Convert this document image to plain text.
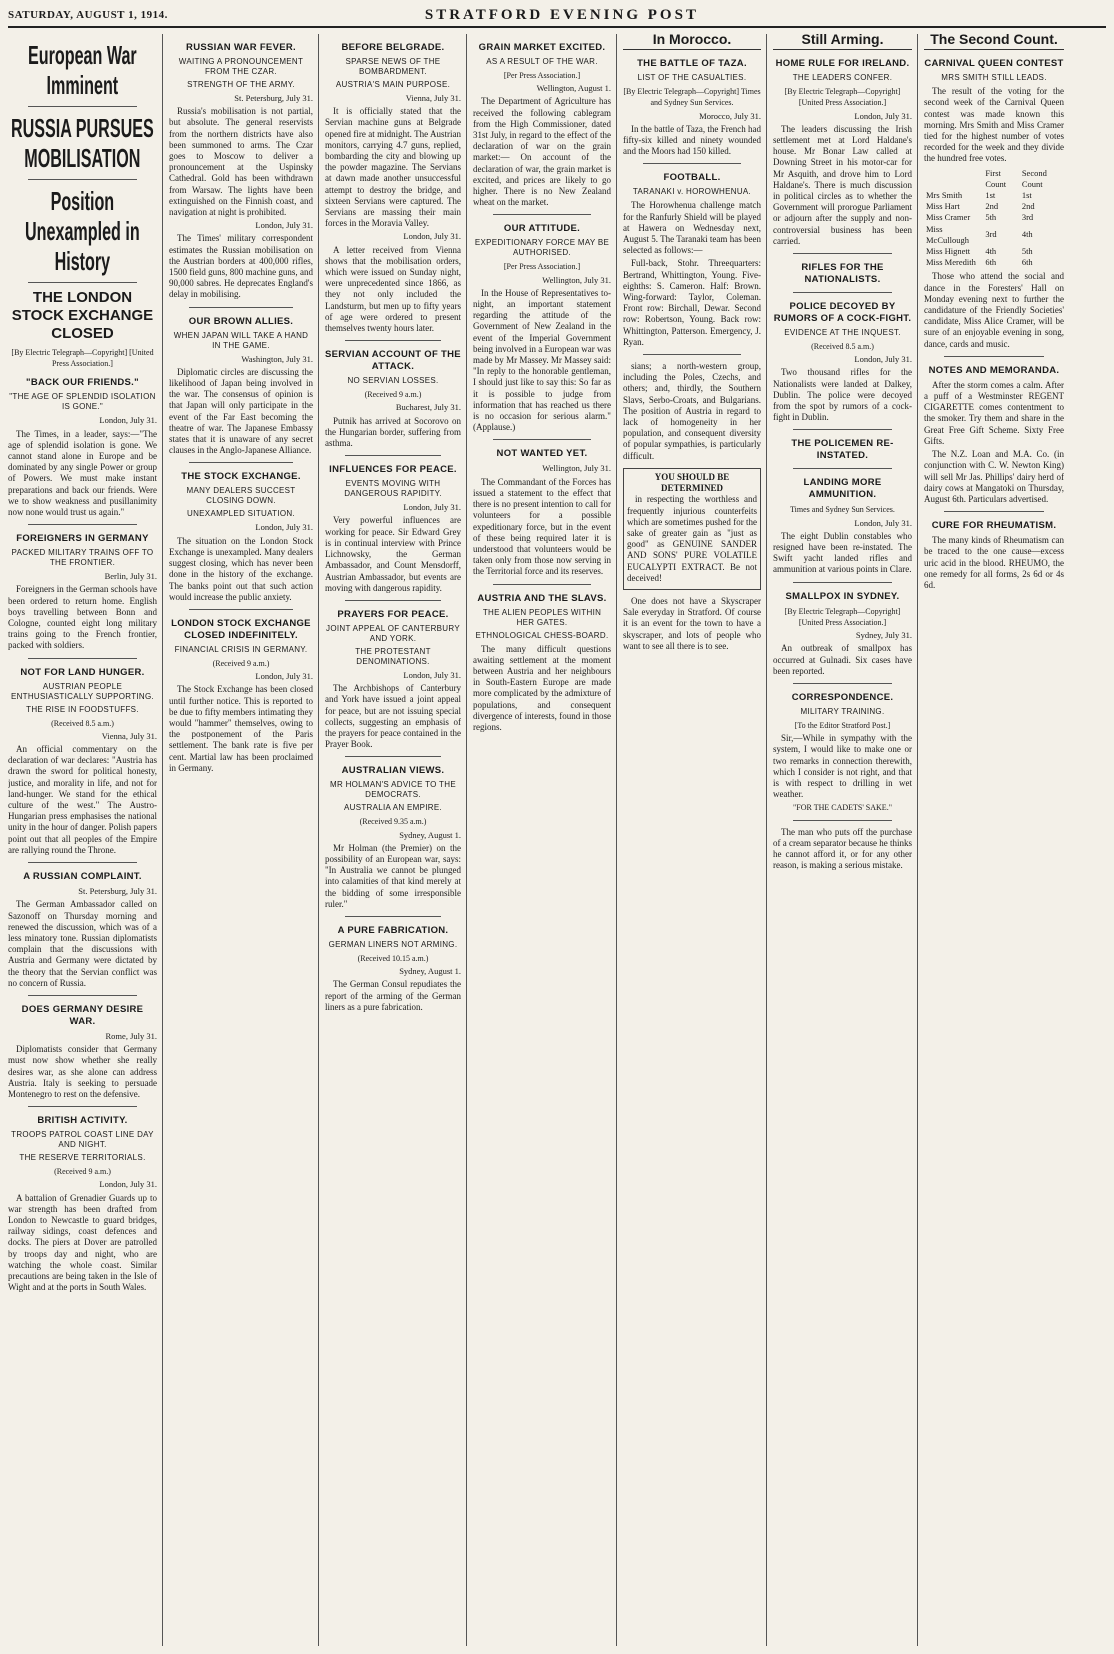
SATURDAY, AUGUST 1, 1914.	STRATFORD EVENING POST
European War Imminent
RUSSIA PURSUES MOBILISATION
Position Unexampled in History
THE LONDON STOCK EXCHANGE CLOSED
[By Electric Telegraph—Copyright] [United Press Association.]
"BACK OUR FRIENDS."
"THE AGE OF SPLENDID ISOLATION IS GONE."
London, July 31.

The Times, in a leader, says:—"The age of splendid isolation is gone. We cannot stand alone in Europe and be dominated by any single Power or group of Powers. We must make instant preparations and back our friends. Were we to show weakness and pusillanimity now none would trust us again."

FOREIGNERS IN GERMANY
PACKED MILITARY TRAINS OFF TO THE FRONTIER.
Berlin, July 31.

Foreigners in the German schools have been ordered to return home. English boys travelling between Bonn and Cologne, counted eight long military trains going to the French frontier, packed with soldiers.

NOT FOR LAND HUNGER.
AUSTRIAN PEOPLE ENTHUSIASTICALLY SUPPORTING.
THE RISE IN FOODSTUFFS.
(Received 8.5 a.m.)
Vienna, July 31.

An official commentary on the declaration of war declares: "Austria has drawn the sword for political honesty, justice, and morality in life, and not for land-hunger. We stand for the ethical culture of the west." The Austro-Hungarian press emphasises the national unity in the hour of danger. Polish papers point out that all peoples of the Empire are rallying round the Throne.

A RUSSIAN COMPLAINT.
St. Petersburg, July 31.

The German Ambassador called on Sazonoff on Thursday morning and renewed the discussion, which was of a less minatory tone. Russian diplomatists complain that the discussions with Austria and Germany were dictated by the theory that the Servian conflict was no concern of Russia.

DOES GERMANY DESIRE WAR.
Rome, July 31.

Diplomatists consider that Germany must now show whether she really desires war, as she alone can address Austria. Italy is seeking to persuade Montenegro to rest on the defensive.

BRITISH ACTIVITY.
TROOPS PATROL COAST LINE DAY AND NIGHT.
THE RESERVE TERRITORIALS.
(Received 9 a.m.)
London, July 31.

A battalion of Grenadier Guards up to war strength has been drafted from London to Newcastle to guard bridges, railway sidings, coast defences and docks. The piers at Dover are patrolled by troops day and night, who are watching the whole coast. Similar precautions are being taken in the Isle of Wight and at the ports in South Wales.

RUSSIAN WAR FEVER.
WAITING A PRONOUNCEMENT FROM THE CZAR.
STRENGTH OF THE ARMY.
St. Petersburg, July 31.

Russia's mobilisation is not partial, but absolute. The general reservists from the northern districts have also been summoned to arms. The Czar goes to Moscow to deliver a pronouncement at the Uspinsky Cathedral. Gold has been withdrawn from Warsaw. The lights have been extinguished on the Finnish coast, and navigation at night is prohibited.

London, July 31.

The Times' military correspondent estimates the Russian mobilisation on the Austrian borders at 400,000 rifles, 1500 field guns, 800 machine guns, and 90,000 sabres. He deprecates England's delay in mobilising.

OUR BROWN ALLIES.
WHEN JAPAN WILL TAKE A HAND IN THE GAME.
Washington, July 31.

Diplomatic circles are discussing the likelihood of Japan being involved in the war. The consensus of opinion is that Japan will only participate in the event of the Far East becoming the theatre of war. The Japanese Embassy states that it is unaware of any secret clauses in the Anglo-Japanese Alliance.

THE STOCK EXCHANGE.
MANY DEALERS SUCCEST CLOSING DOWN.
UNEXAMPLED SITUATION.
London, July 31.

The situation on the London Stock Exchange is unexampled. Many dealers suggest closing, which has never been done in the history of the exchange. The banks point out that such action would increase the public anxiety.

LONDON STOCK EXCHANGE CLOSED INDEFINITELY.
FINANCIAL CRISIS IN GERMANY.
(Received 9 a.m.)
London, July 31.

The Stock Exchange has been closed until further notice. This is reported to be due to fifty members intimating they would "hammer" themselves, owing to the postponement of the Paris settlement. The bank rate is five per cent. Martial law has been proclaimed in Germany.

BEFORE BELGRADE.
SPARSE NEWS OF THE BOMBARDMENT.
AUSTRIA'S MAIN PURPOSE.
Vienna, July 31.

It is officially stated that the Servian machine guns at Belgrade opened fire at midnight. The Austrian monitors, carrying 4.7 guns, replied, bombarding the city and blowing up the powder magazine. The Servians at dawn made another unsuccessful attempt to destroy the bridge, and sixteen Servians were captured. The Servians are massing their main forces in the Moravia Valley.

London, July 31.

A letter received from Vienna shows that the mobilisation orders, which were issued on Sunday night, were unprecedented since 1866, as they not only included the Landsturm, but men up to fifty years of age were ordered to present themselves twenty hours later.

SERVIAN ACCOUNT OF THE ATTACK.
NO SERVIAN LOSSES.
(Received 9 a.m.)
Bucharest, July 31.

Putnik has arrived at Socorovo on the Hungarian border, suffering from asthma.

INFLUENCES FOR PEACE.
EVENTS MOVING WITH DANGEROUS RAPIDITY.
London, July 31.

Very powerful influences are working for peace. Sir Edward Grey is in continual interview with Prince Lichnowsky, the German Ambassador, and Count Mensdorff, Austrian Ambassador, but events are moving with dangerous rapidity.

PRAYERS FOR PEACE.
JOINT APPEAL OF CANTERBURY AND YORK.
THE PROTESTANT DENOMINATIONS.
London, July 31.

The Archbishops of Canterbury and York have issued a joint appeal for peace, but are not issuing special collects, suggesting an emphasis of the prayers for peace contained in the Prayer Book.

AUSTRALIAN VIEWS.
MR HOLMAN'S ADVICE TO THE DEMOCRATS.
AUSTRALIA AN EMPIRE.
(Received 9.35 a.m.)
Sydney, August 1.

Mr Holman (the Premier) on the possibility of an European war, says: "In Australia we cannot be plunged into calamities of that kind merely at the bidding of some irresponsible ruler."

A PURE FABRICATION.
GERMAN LINERS NOT ARMING.
(Received 10.15 a.m.)
Sydney, August 1.

The German Consul repudiates the report of the arming of the German liners as a pure fabrication.

GRAIN MARKET EXCITED.
AS A RESULT OF THE WAR.
[Per Press Association.]
Wellington, August 1.

The Department of Agriculture has received the following cablegram from the High Commissioner, dated 31st July, in regard to the effect of the declaration of war on the grain market:— On account of the declaration of war, the grain market is excited, and prices are likely to go higher. There is no New Zealand wheat on the market.

OUR ATTITUDE.
EXPEDITIONARY FORCE MAY BE AUTHORISED.
[Per Press Association.]
Wellington, July 31.

In the House of Representatives to-night, an important statement regarding the attitude of the Government of New Zealand in the event of the Imperial Government being involved in a European war was made by Mr Massey. Mr Massey said: "In reply to the honorable gentleman, I should just like to say this: So far as it is possible to judge from information that has reached us there is no occasion for serious alarm." (Applause.)

NOT WANTED YET.
Wellington, July 31.

The Commandant of the Forces has issued a statement to the effect that there is no present intention to call for volunteers for a possible expeditionary force, but in the event of these being required later it is understood that volunteers would be taken only from those now serving in the Territorial force and its reserves.

AUSTRIA AND THE SLAVS.
THE ALIEN PEOPLES WITHIN HER GATES.
ETHNOLOGICAL CHESS-BOARD.

The many difficult questions awaiting settlement at the moment between Austria and her neighbours in South-Eastern Europe are made more complicated by the admixture of populations, and consequent divergence of interests, found in those regions.

In Morocco.
THE BATTLE OF TAZA.
LIST OF THE CASUALTIES.
[By Electric Telegraph—Copyright] Times and Sydney Sun Services.
Morocco, July 31.

In the battle of Taza, the French had fifty-six killed and ninety wounded and the Moors had 150 killed.

FOOTBALL.
TARANAKI v. HOROWHENUA.

The Horowhenua challenge match for the Ranfurly Shield will be played at Hawera on Wednesday next, August 5. The Taranaki team has been selected as follows:—

Full-back, Stohr. Threequarters: Bertrand, Whittington, Young. Five-eighths: S. Cameron. Half: Brown. Wing-forward: Taylor, Coleman. Front row: Birchall, Dewar. Second row: Robertson, Young. Back row: Whittington, Patterson. Emergency, J. Ryan.

sians; a north-western group, including the Poles, Czechs, and others; and, thirdly, the Southern Slavs, Serbo-Croats, and Bulgarians. The position of Austria in regard to lack of homogeneity in her population, and consequent diversity of popular sympathies, is particularly difficult.

YOU SHOULD BE DETERMINED

in respecting the worthless and frequently injurious counterfeits which are sometimes pushed for the sake of greater gain as "just as good" as GENUINE SANDER AND SONS' PURE VOLATILE EUCALYPTI EXTRACT. Be not deceived!

One does not have a Skyscraper Sale everyday in Stratford. Of course it is an event for the town to have a skyscraper, and lots of people who want to see all there is to see.

Still Arming.
HOME RULE FOR IRELAND.
THE LEADERS CONFER.
[By Electric Telegraph—Copyright] [United Press Association.]
London, July 31.

The leaders discussing the Irish settlement met at Lord Haldane's house. Mr Bonar Law called at Downing Street in his motor-car for Mr Asquith, and drove him to Lord Haldane's. There is much discussion in political circles as to whether the Government will prorogue Parliament or adjourn after the supply and non-controversial business has been carried.

RIFLES FOR THE NATIONALISTS.
POLICE DECOYED BY RUMORS OF A COCK-FIGHT.
EVIDENCE AT THE INQUEST.
(Received 8.5 a.m.)
London, July 31.

Two thousand rifles for the Nationalists were landed at Dalkey, Dublin. The police were decoyed from the spot by rumors of a cock-fight in Dublin.

THE POLICEMEN RE-INSTATED.
LANDING MORE AMMUNITION.
Times and Sydney Sun Services.
London, July 31.

The eight Dublin constables who resigned have been re-instated. The Swift yacht landed rifles and ammunition at various points in Clare.

SMALLPOX IN SYDNEY.
[By Electric Telegraph—Copyright] [United Press Association.]
Sydney, July 31.

An outbreak of smallpox has occurred at Gulnadi. Six cases have been reported.

CORRESPONDENCE.
MILITARY TRAINING.
[To the Editor Stratford Post.]

Sir,—While in sympathy with the system, I would like to make one or two remarks in connection therewith, which I consider is not right, and that is with respect to drilling in wet weather.

"FOR THE CADETS' SAKE."

The man who puts off the purchase of a cream separator because he thinks he cannot afford it, or for any other reason, is making a serious mistake.

The Second Count.
CARNIVAL QUEEN CONTEST
MRS SMITH STILL LEADS.

The result of the voting for the second week of the Carnival Queen contest was made known this morning. Mrs Smith and Miss Cramer tied for the highest number of votes recorded for the week and they divide the hundred free votes.

	First Count	Second Count
Mrs Smith	1st	1st
Miss Hart	2nd	2nd
Miss Cramer	5th	3rd
Miss McCullough	3rd	4th
Miss Hignett	4th	5th
Miss Meredith	6th	6th

Those who attend the social and dance in the Foresters' Hall on Monday evening next to further the candidature of the Friendly Societies' candidate, Miss Alice Cramer, will be sure of an enjoyable evening in song, dance, cards and music.

NOTES AND MEMORANDA.

After the storm comes a calm. After a puff of a Westminster REGENT CIGARETTE comes contentment to the smoker. Try them and share in the Great Free Gift Scheme. Sixty Free Gifts.

The N.Z. Loan and M.A. Co. (in conjunction with C. W. Newton King) will sell Mr Jas. Phillips' dairy herd of dairy cows at Mangatoki on Thursday, August 6th. Particulars advertised.

CURE FOR RHEUMATISM.

The many kinds of Rheumatism can be traced to the one cause—excess uric acid in the blood. RHEUMO, the one remedy for all forms, 2s 6d or 4s 6d.
